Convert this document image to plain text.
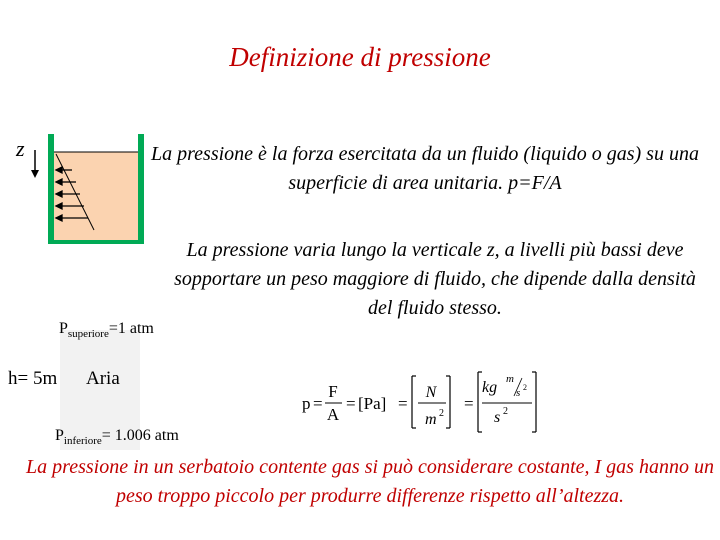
Definizione di pressione
z	La pressione è la forza esercitata da un fluido (liquido o gas) su una superficie di area unitaria. p=F/A
La pressione varia lungo la verticale z, a livelli più bassi deve sopportare un peso maggiore di fluido, che dipende dalla densità del fluido stesso.
$P_{superiore}=1$ atm
h= 5m Aria
$P_{inferiore}= 1.006$ atm
p =
F
A
= [Pa] =
N
m 2
=
kg m
s 2
s 2
La pressione in un serbatoio contente gas si può considerare costante, I gas hanno un peso troppo piccolo per produrre differenze rispetto all’altezza.
